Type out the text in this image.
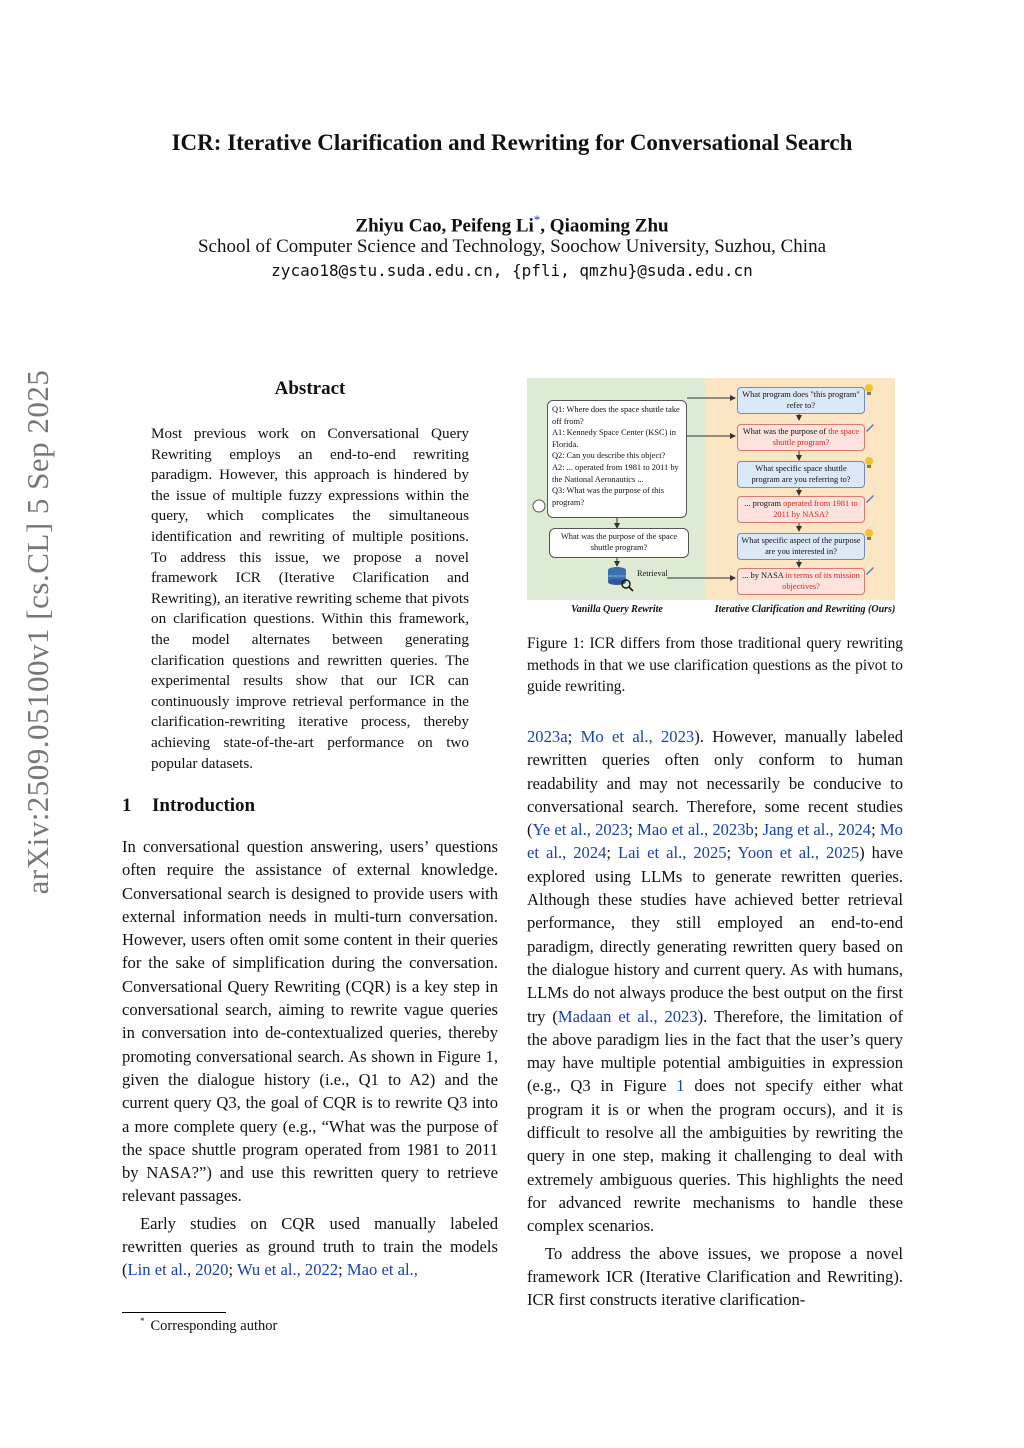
arXiv:2509.05100v1 [cs.CL] 5 Sep 2025
ICR: Iterative Clarification and Rewriting for Conversational Search
Zhiyu Cao, Peifeng Li*, Qiaoming Zhu
School of Computer Science and Technology, Soochow University, Suzhou, China
zycao18@stu.suda.edu.cn, {pfli, qmzhu}@suda.edu.cn
Abstract
Most previous work on Conversational Query Rewriting employs an end-to-end rewriting paradigm. However, this approach is hindered by the issue of multiple fuzzy expressions within the query, which complicates the simultaneous identification and rewriting of multiple positions. To address this issue, we propose a novel framework ICR (Iterative Clarification and Rewriting), an iterative rewriting scheme that pivots on clarification questions. Within this framework, the model alternates between generating clarification questions and rewritten queries. The experimental results show that our ICR can continuously improve retrieval performance in the clarification-rewriting iterative process, thereby achieving state-of-the-art performance on two popular datasets.
1 Introduction

In conversational question answering, users’ questions often require the assistance of external knowledge. Conversational search is designed to provide users with external information needs in multi-turn conversation. However, users often omit some content in their queries for the sake of simplification during the conversation. Conversational Query Rewriting (CQR) is a key step in conversational search, aiming to rewrite vague queries in conversation into de-contextualized queries, thereby promoting conversational search. As shown in Figure 1, given the dialogue history (i.e., Q1 to A2) and the current query Q3, the goal of CQR is to rewrite Q3 into a more complete query (e.g., “What was the purpose of the space shuttle program operated from 1981 to 2011 by NASA?”) and use this rewritten query to retrieve relevant passages.

Early studies on CQR used manually labeled rewritten queries as ground truth to train the models (Lin et al., 2020; Wu et al., 2022; Mao et al.,

* Corresponding author
Q1: Where does the space shuttle take off from?
A1: Kennedy Space Center (KSC) in Florida.
Q2: Can you describe this object?
A2: ... operated from 1981 to 2011 by the National Aeronautics ...
Q3: What was the purpose of this program?
What was the purpose of the space shuttle program?
Retrieval
What program does "this program" refer to?
What was the purpose of the space shuttle program?
What specific space shuttle program are you referring to?
... program operated from 1981 to 2011 by NASA?
What specific aspect of the purpose are you interested in?
... by NASA in terms of its mission objectives?
Vanilla Query Rewrite	Iterative Clarification and Rewriting (Ours)
Figure 1: ICR differs from those traditional query rewriting methods in that we use clarification questions as the pivot to guide rewriting.

2023a; Mo et al., 2023). However, manually labeled rewritten queries often only conform to human readability and may not necessarily be conducive to conversational search. Therefore, some recent studies (Ye et al., 2023; Mao et al., 2023b; Jang et al., 2024; Mo et al., 2024; Lai et al., 2025; Yoon et al., 2025) have explored using LLMs to generate rewritten queries. Although these studies have achieved better retrieval performance, they still employed an end-to-end paradigm, directly generating rewritten query based on the dialogue history and current query. As with humans, LLMs do not always produce the best output on the first try (Madaan et al., 2023). Therefore, the limitation of the above paradigm lies in the fact that the user’s query may have multiple potential ambiguities in expression (e.g., Q3 in Figure 1 does not specify either what program it is or when the program occurs), and it is difficult to resolve all the ambiguities by rewriting the query in one step, making it challenging to deal with extremely ambiguous queries. This highlights the need for advanced rewrite mechanisms to handle these complex scenarios.

To address the above issues, we propose a novel framework ICR (Iterative Clarification and Rewriting). ICR first constructs iterative clarification-
